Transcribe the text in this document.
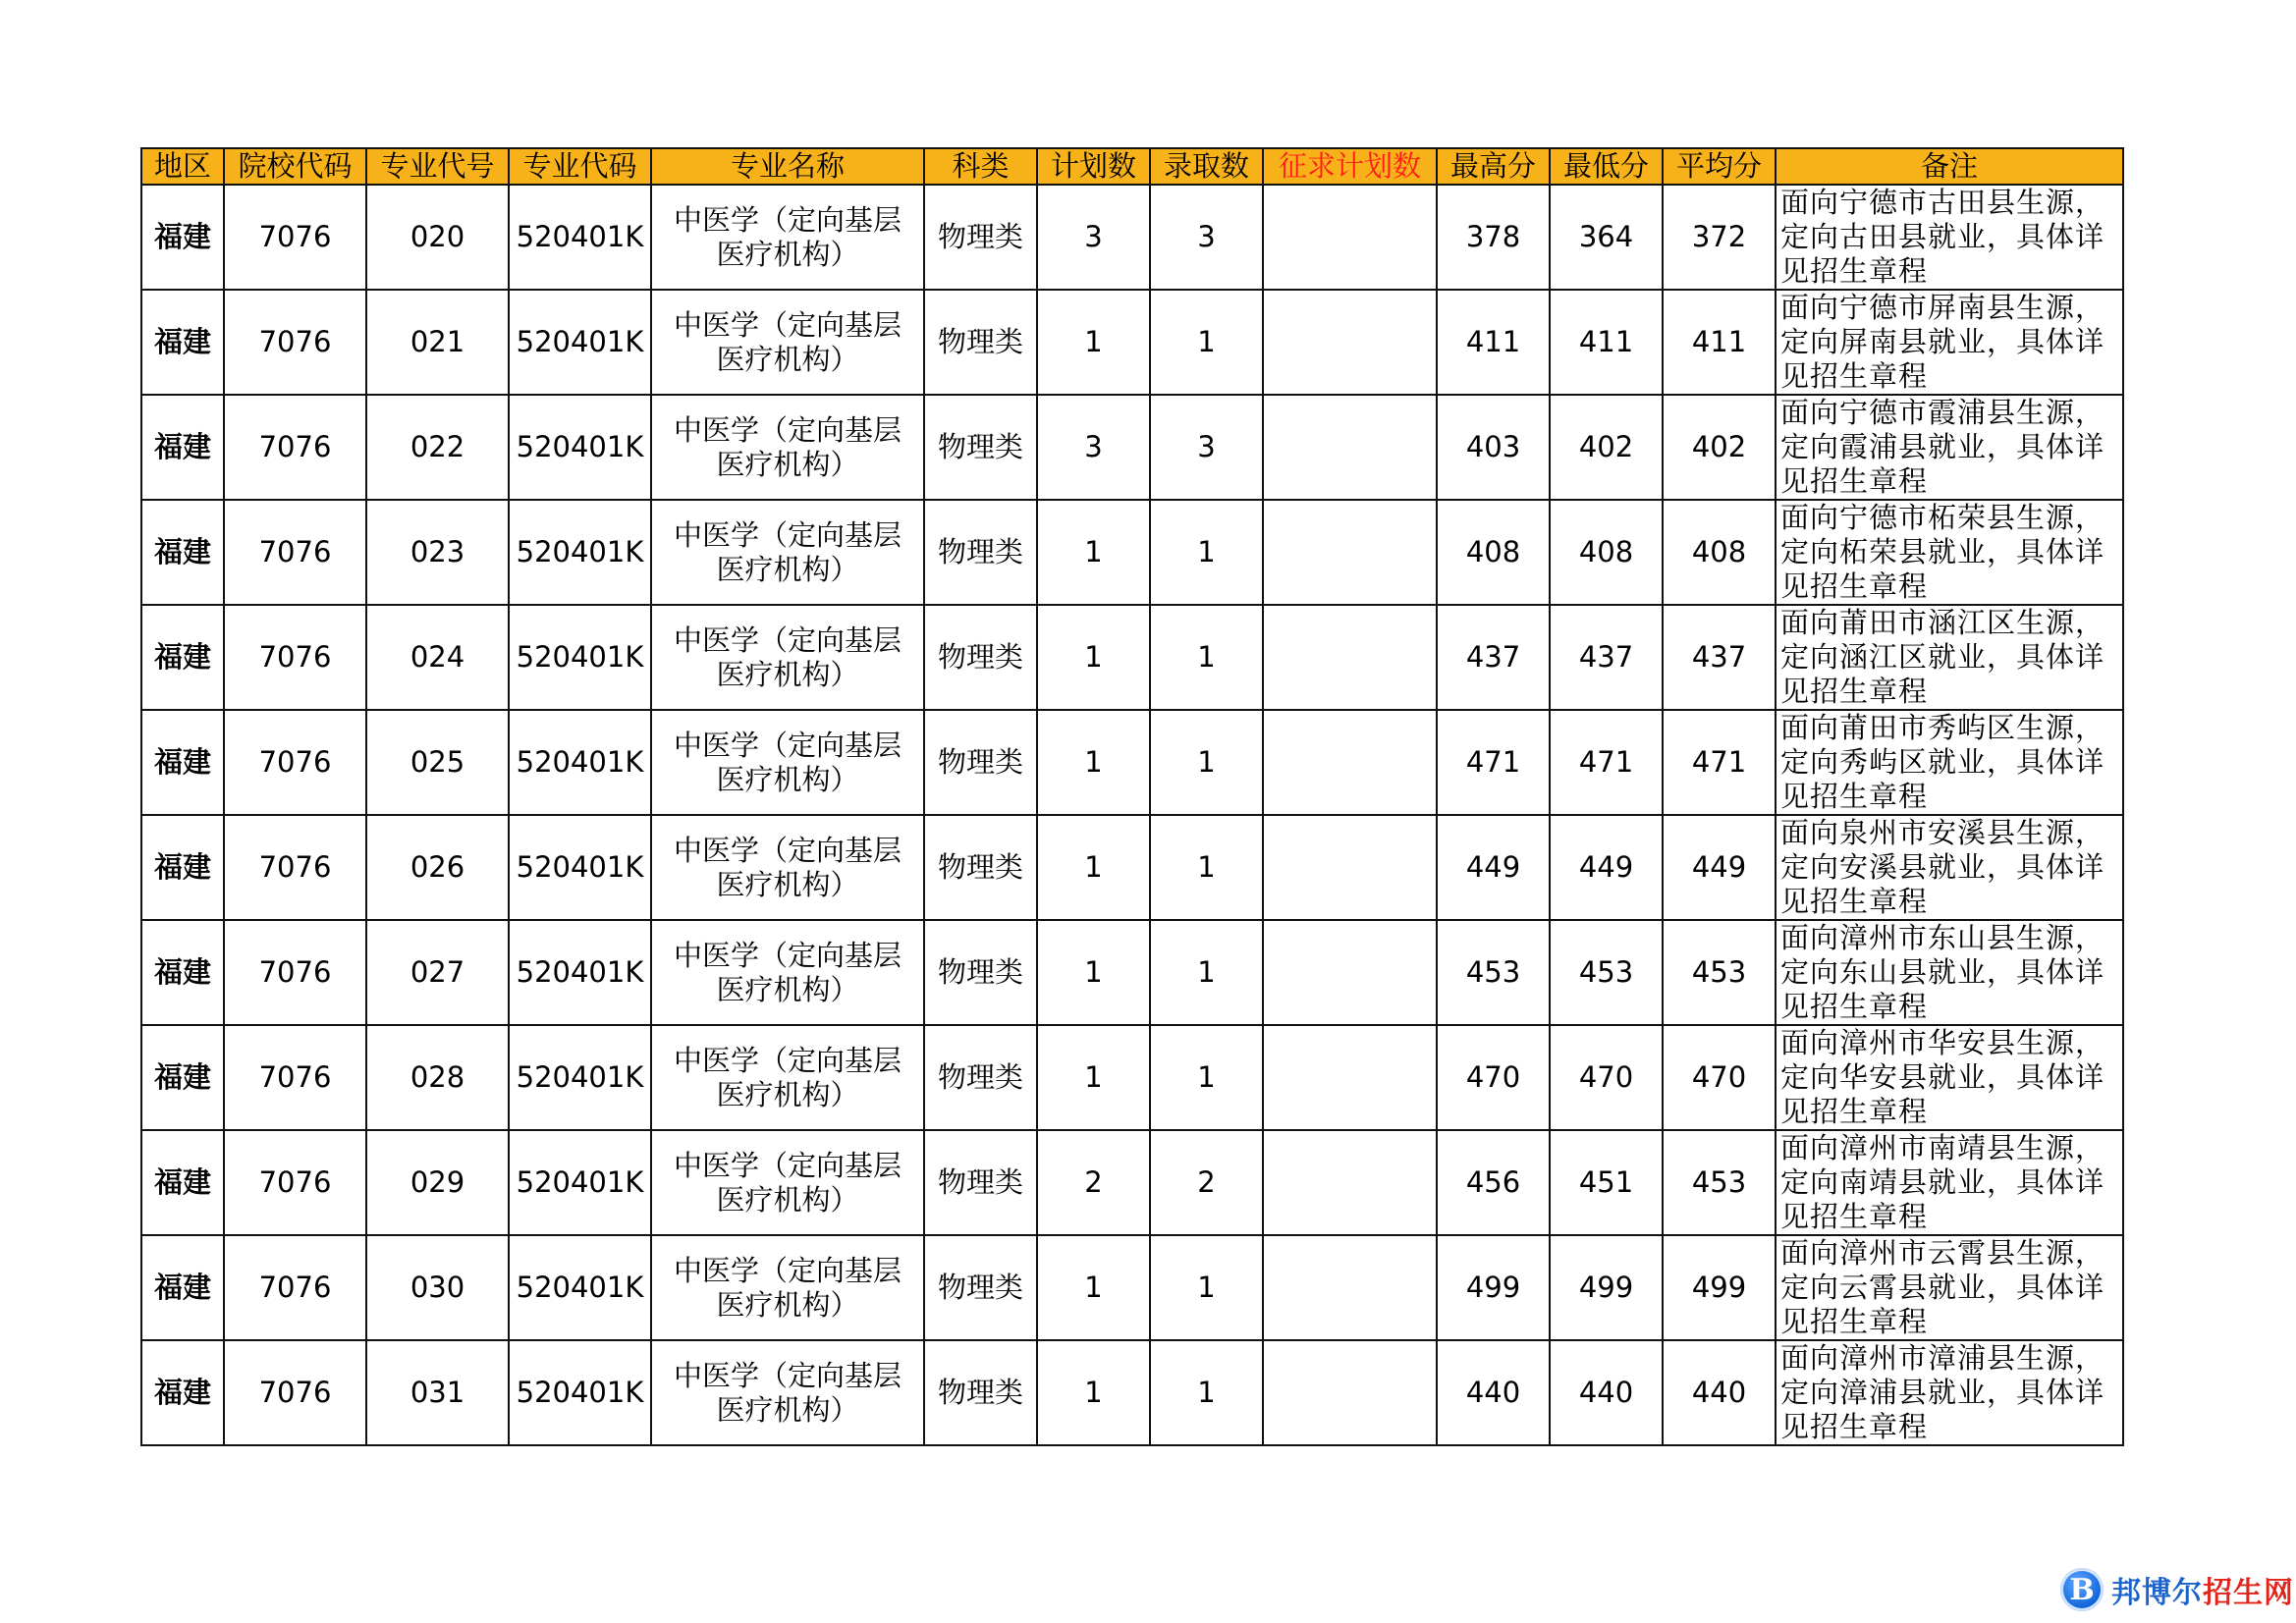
地区	院校代码	专业代号	专业代码	专业名称	科类	计划数	录取数	征求计划数	最高分	最低分	平均分	备注
福建	7076	020	520401K	中医学（定向基层医疗机构）	物理类	3	3		378	364	372	面向宁德市古田县生源，定向古田县就业，具体详见招生章程
福建	7076	021	520401K	中医学（定向基层医疗机构）	物理类	1	1		411	411	411	面向宁德市屏南县生源，定向屏南县就业，具体详见招生章程
福建	7076	022	520401K	中医学（定向基层医疗机构）	物理类	3	3		403	402	402	面向宁德市霞浦县生源，定向霞浦县就业，具体详见招生章程
福建	7076	023	520401K	中医学（定向基层医疗机构）	物理类	1	1		408	408	408	面向宁德市柘荣县生源，定向柘荣县就业，具体详见招生章程
福建	7076	024	520401K	中医学（定向基层医疗机构）	物理类	1	1		437	437	437	面向莆田市涵江区生源，定向涵江区就业，具体详见招生章程
福建	7076	025	520401K	中医学（定向基层医疗机构）	物理类	1	1		471	471	471	面向莆田市秀屿区生源，定向秀屿区就业，具体详见招生章程
福建	7076	026	520401K	中医学（定向基层医疗机构）	物理类	1	1		449	449	449	面向泉州市安溪县生源，定向安溪县就业，具体详见招生章程
福建	7076	027	520401K	中医学（定向基层医疗机构）	物理类	1	1		453	453	453	面向漳州市东山县生源，定向东山县就业，具体详见招生章程
福建	7076	028	520401K	中医学（定向基层医疗机构）	物理类	1	1		470	470	470	面向漳州市华安县生源，定向华安县就业，具体详见招生章程
福建	7076	029	520401K	中医学（定向基层医疗机构）	物理类	2	2		456	451	453	面向漳州市南靖县生源，定向南靖县就业，具体详见招生章程
福建	7076	030	520401K	中医学（定向基层医疗机构）	物理类	1	1		499	499	499	面向漳州市云霄县生源，定向云霄县就业，具体详见招生章程
福建	7076	031	520401K	中医学（定向基层医疗机构）	物理类	1	1		440	440	440	面向漳州市漳浦县生源，定向漳浦县就业，具体详见招生章程
B 邦博尔招生网
